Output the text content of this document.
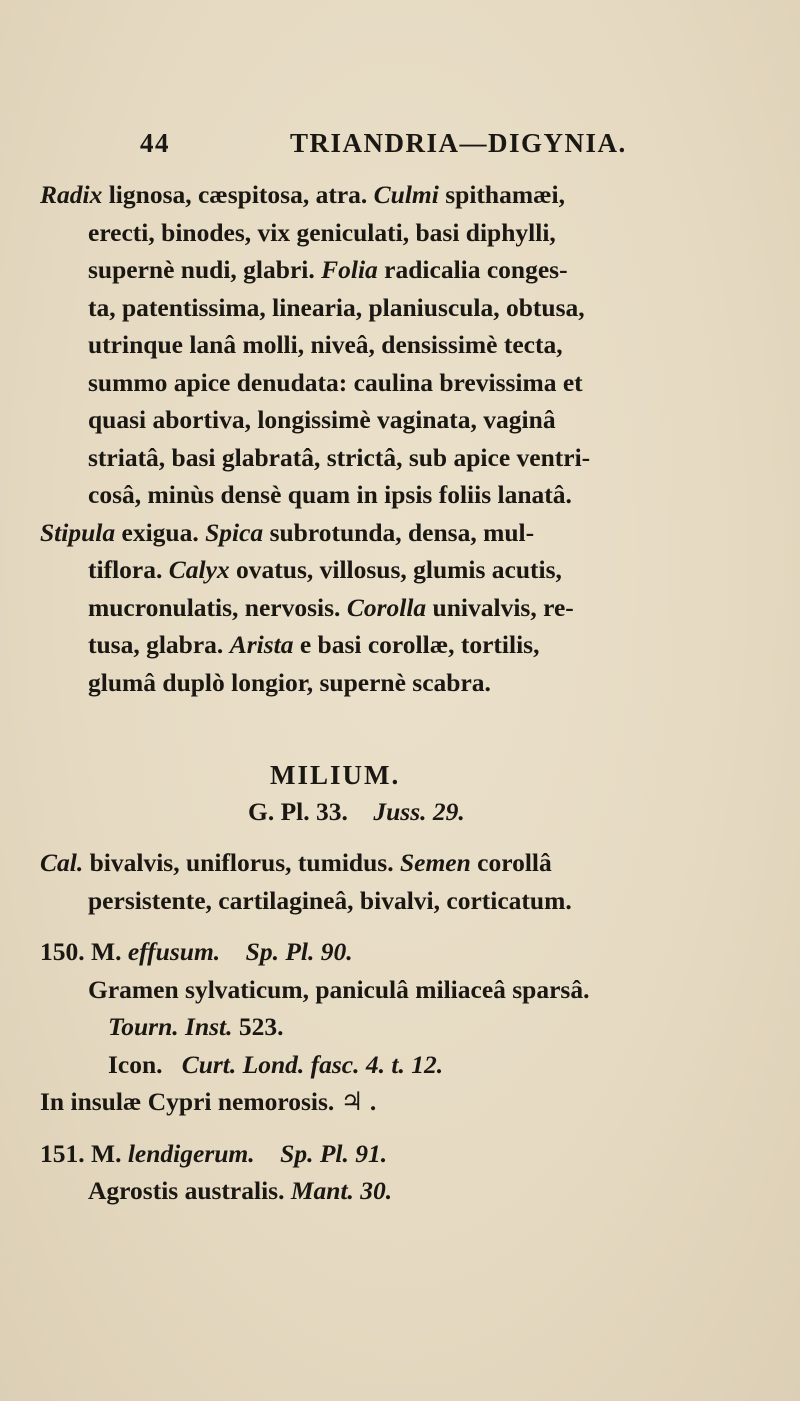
44	TRIANDRIA—DIGYNIA.
Radix lignosa, cæspitosa, atra. Culmi spithamæi,
erecti, binodes, vix geniculati, basi diphylli,
supernè nudi, glabri. Folia radicalia conges-
ta, patentissima, linearia, planiuscula, obtusa,
utrinque lanâ molli, niveâ, densissimè tecta,
summo apice denudata: caulina brevissima et
quasi abortiva, longissimè vaginata, vaginâ
striatâ, basi glabratâ, strictâ, sub apice ventri-
cosâ, minùs densè quam in ipsis foliis lanatâ.
Stipula exigua. Spica subrotunda, densa, mul-
tiflora. Calyx ovatus, villosus, glumis acutis,
mucronulatis, nervosis. Corolla univalvis, re-
tusa, glabra. Arista e basi corollæ, tortilis,
glumâ duplò longior, supernè scabra.
MILIUM.
G. Pl. 33. Juss. 29.
Cal. bivalvis, uniflorus, tumidus. Semen corollâ
persistente, cartilagineâ, bivalvi, corticatum.
150. M. effusum. Sp. Pl. 90.
Gramen sylvaticum, paniculâ miliaceâ sparsâ.
Tourn. Inst. 523.
Icon. Curt. Lond. fasc. 4. t. 12.
In insulæ Cypri nemorosis. ♃ .
151. M. lendigerum. Sp. Pl. 91.
Agrostis australis. Mant. 30.
